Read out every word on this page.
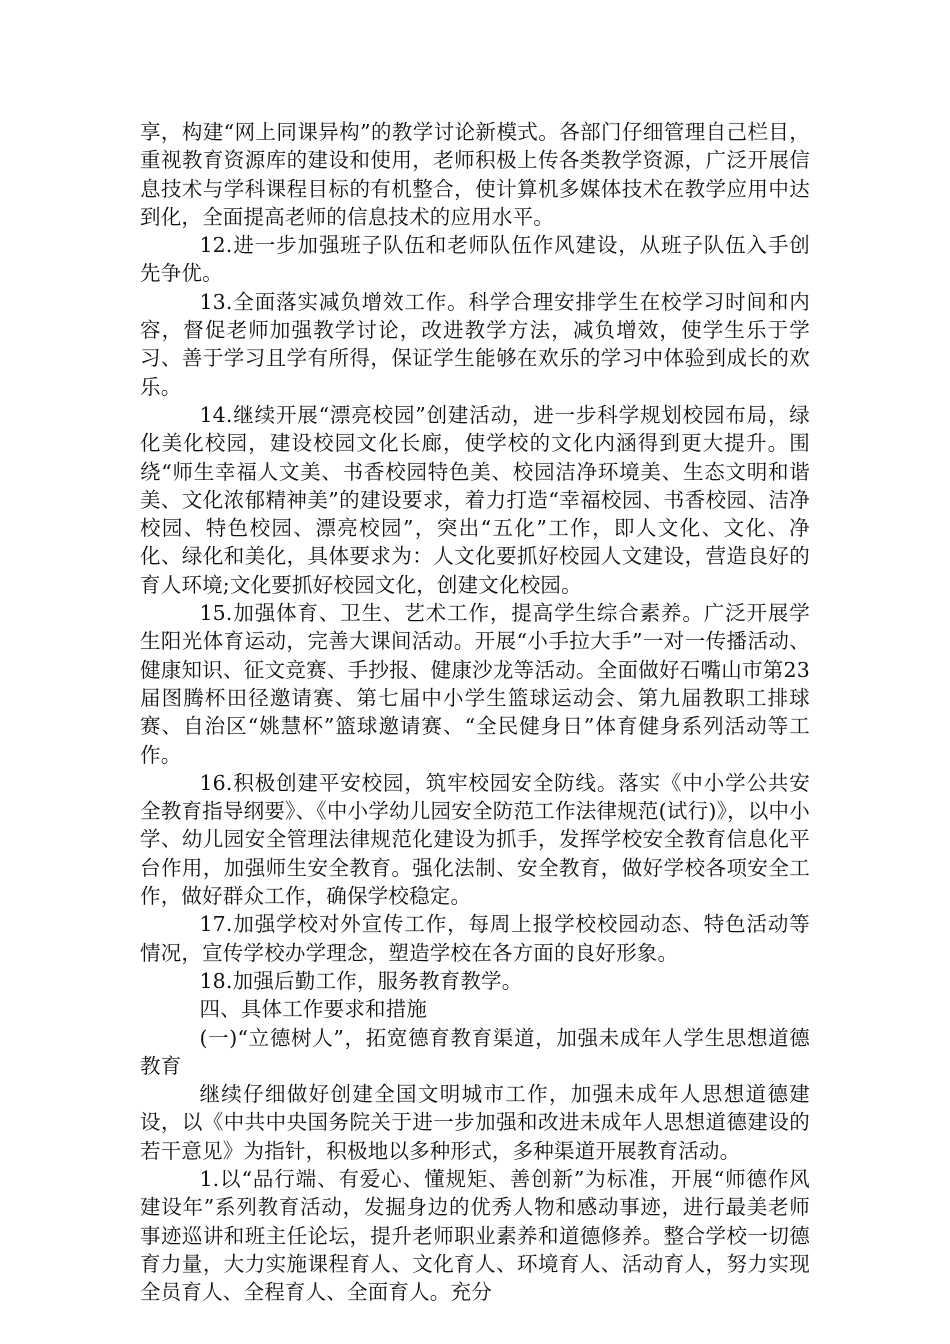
享，构建“网上同课异构”的教学讨论新模式。各部门仔细管理自己栏目，重视教育资源库的建设和使用，老师积极上传各类教学资源，广泛开展信息技术与学科课程目标的有机整合，使计算机多媒体技术在教学应用中达到化，全面提高老师的信息技术的应用水平。

12.进一步加强班子队伍和老师队伍作风建设，从班子队伍入手创先争优。

13.全面落实减负增效工作。科学合理安排学生在校学习时间和内容，督促老师加强教学讨论，改进教学方法，减负增效，使学生乐于学习、善于学习且学有所得，保证学生能够在欢乐的学习中体验到成长的欢乐。

14.继续开展“漂亮校园”创建活动，进一步科学规划校园布局，绿化美化校园，建设校园文化长廊，使学校的文化内涵得到更大提升。围绕“师生幸福人文美、书香校园特色美、校园洁净环境美、生态文明和谐美、文化浓郁精神美”的建设要求，着力打造“幸福校园、书香校园、洁净校园、特色校园、漂亮校园”，突出“五化”工作，即人文化、文化、净化、绿化和美化，具体要求为：人文化要抓好校园人文建设，营造良好的育人环境;文化要抓好校园文化，创建文化校园。

15.加强体育、卫生、艺术工作，提高学生综合素养。广泛开展学生阳光体育运动，完善大课间活动。开展“小手拉大手”一对一传播活动、健康知识、征文竞赛、手抄报、健康沙龙等活动。全面做好石嘴山市第23届图腾杯田径邀请赛、第七届中小学生篮球运动会、第九届教职工排球赛、自治区“姚慧杯”篮球邀请赛、“全民健身日”体育健身系列活动等工作。

16.积极创建平安校园，筑牢校园安全防线。落实《中小学公共安全教育指导纲要》、《中小学幼儿园安全防范工作法律规范(试行)》，以中小学、幼儿园安全管理法律规范化建设为抓手，发挥学校安全教育信息化平台作用，加强师生安全教育。强化法制、安全教育，做好学校各项安全工作，做好群众工作，确保学校稳定。

17.加强学校对外宣传工作，每周上报学校校园动态、特色活动等情况，宣传学校办学理念，塑造学校在各方面的良好形象。

18.加强后勤工作，服务教育教学。

四、具体工作要求和措施

(一)“立德树人”，拓宽德育教育渠道，加强未成年人学生思想道德教育

继续仔细做好创建全国文明城市工作，加强未成年人思想道德建设，以《中共中央国务院关于进一步加强和改进未成年人思想道德建设的若干意见》为指针，积极地以多种形式，多种渠道开展教育活动。

1.以“品行端、有爱心、懂规矩、善创新”为标准，开展“师德作风建设年”系列教育活动，发掘身边的优秀人物和感动事迹，进行最美老师事迹巡讲和班主任论坛，提升老师职业素养和道德修养。整合学校一切德育力量，大力实施课程育人、文化育人、环境育人、活动育人，努力实现全员育人、全程育人、全面育人。充分
